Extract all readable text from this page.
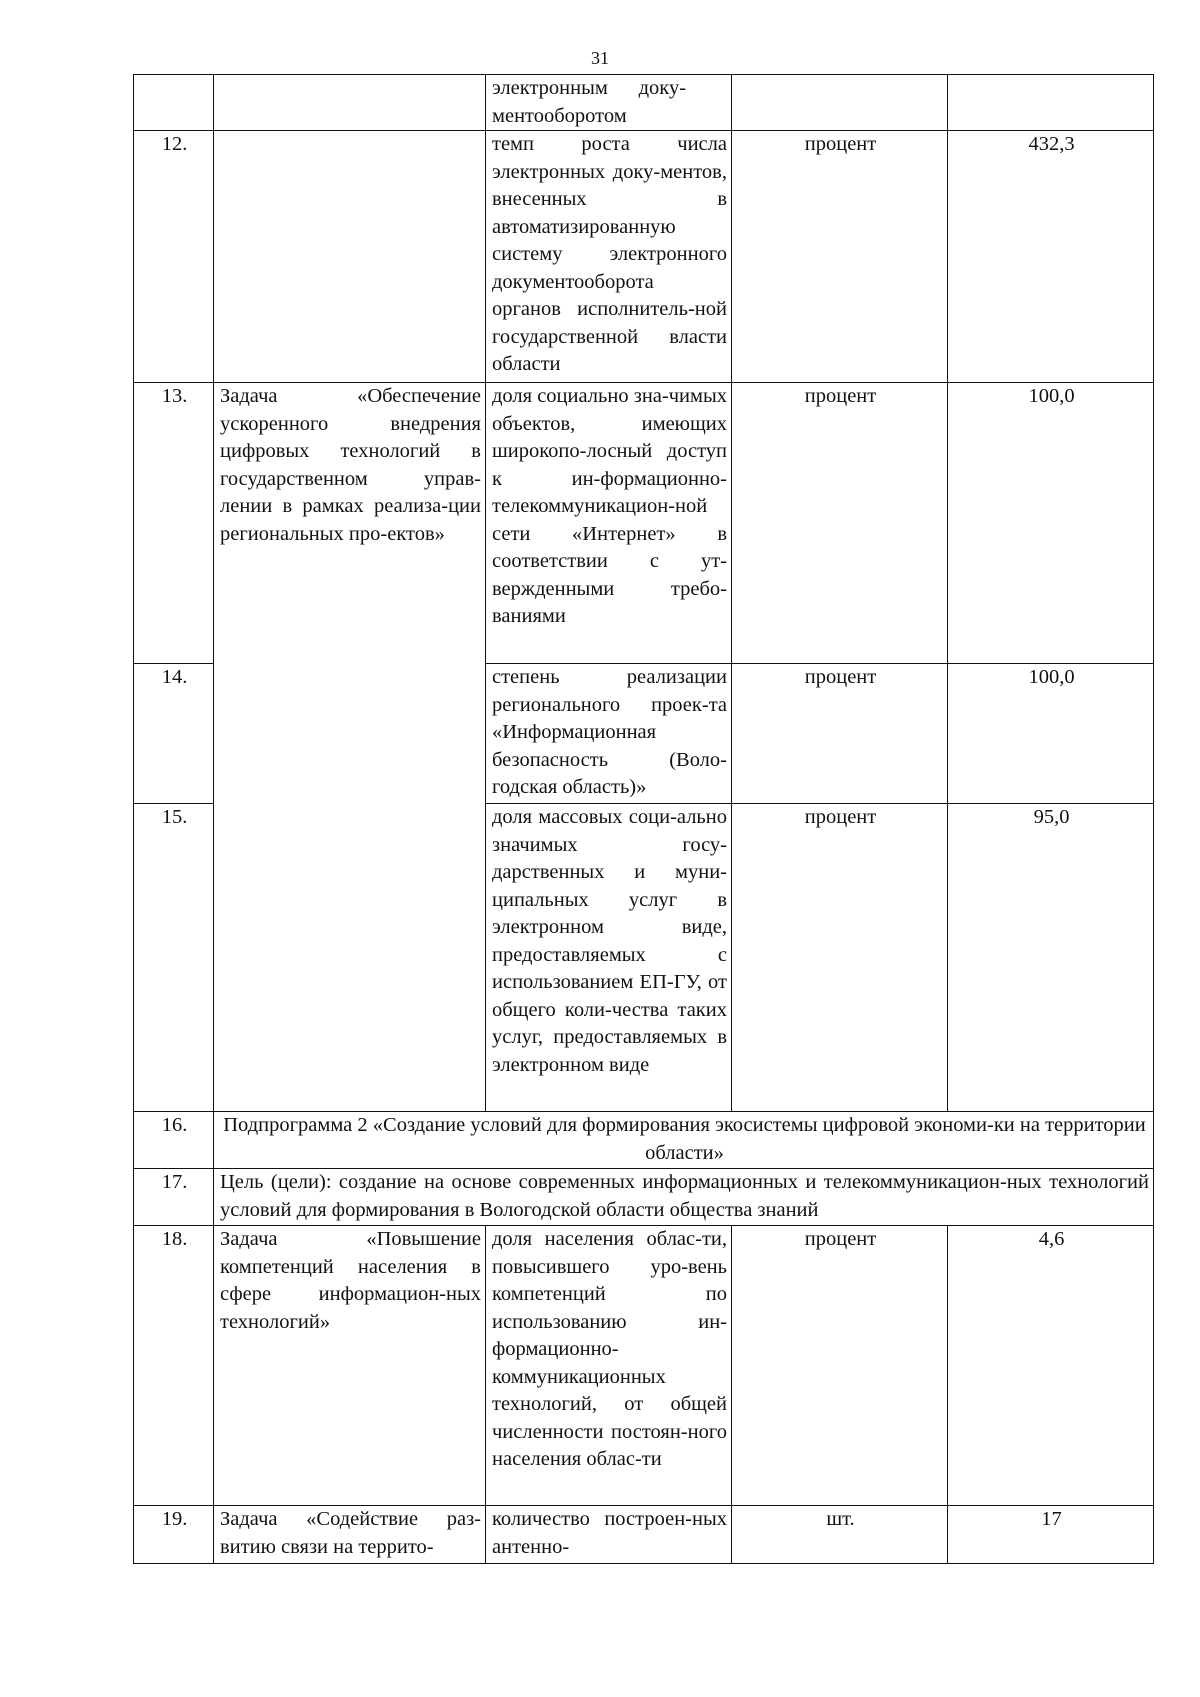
31
		электронным      доку-
ментооборотом		
12.		темп роста числа электронных доку-ментов, внесенных в автоматизированную систему электронного документооборота органов исполнитель-ной государственной власти области	процент	432,3
13.	Задача «Обеспечение ускоренного внедрения цифровых технологий в государственном управ-лении в рамках реализа-ции региональных про-ектов»	доля социально зна-чимых объектов, имеющих широкопо-лосный доступ к ин-формационно-телекоммуникацион-ной сети «Интернет» в соответствии с ут-вержденными требо-ваниями	процент	100,0
14.		степень реализации регионального проек-та «Информационная безопасность (Воло-годская область)»	процент	100,0
15.		доля массовых соци-ально значимых госу-дарственных и муни-ципальных услуг в электронном виде, предоставляемых с использованием ЕП-ГУ, от общего коли-чества таких услуг, предоставляемых в электронном виде	процент	95,0
16.	Подпрограмма 2 «Создание условий для формирования экосистемы цифровой экономи-ки на территории области»			
17.	Цель (цели): создание на основе современных информационных и телекоммуникацион-ных технологий условий для формирования в Вологодской области общества знаний			
18.	Задача «Повышение компетенций населения в сфере информацион-ных технологий»	доля населения облас-ти, повысившего уро-вень компетенций по использованию ин-формационно-коммуникационных технологий, от общей численности постоян-ного населения облас-ти	процент	4,6
19.	Задача «Содействие раз-витию связи на террито-	количество построен-ных антенно-	шт.	17
